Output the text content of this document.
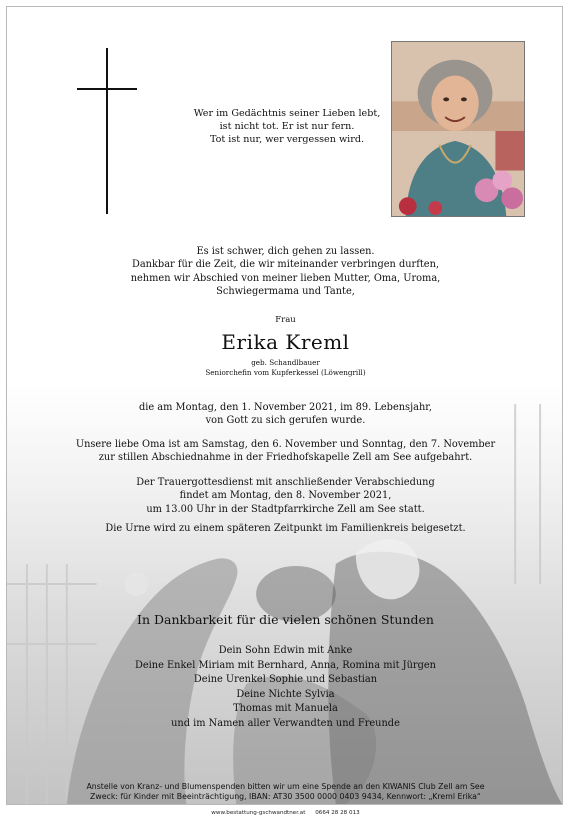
Wer im Gedächtnis seiner Lieben lebt,
ist nicht tot. Er ist nur fern.
Tot ist nur, wer vergessen wird.
Es ist schwer, dich gehen zu lassen.
Dankbar für die Zeit, die wir miteinander verbringen durften,
nehmen wir Abschied von meiner lieben Mutter, Oma, Uroma,
Schwiegermama und Tante,
Frau
Erika Kreml
geb. Schandlbauer
Seniorchefin vom Kupferkessel (Löwengrill)
die am Montag, den 1. November 2021, im 89. Lebensjahr,
von Gott zu sich gerufen wurde.
Unsere liebe Oma ist am Samstag, den 6. November und Sonntag, den 7. November
zur stillen Abschiednahme in der Friedhofskapelle Zell am See aufgebahrt.
Der Trauergottesdienst mit anschließender Verabschiedung
findet am Montag, den 8. November 2021,
um 13.00 Uhr in der Stadtpfarrkirche Zell am See statt.
Die Urne wird zu einem späteren Zeitpunkt im Familienkreis beigesetzt.
In Dankbarkeit für die vielen schönen Stunden
Dein Sohn Edwin mit Anke
Deine Enkel Miriam mit Bernhard, Anna, Romina mit Jürgen
Deine Urenkel Sophie und Sebastian
Deine Nichte Sylvia
Thomas mit Manuela
und im Namen aller Verwandten und Freunde
Anstelle von Kranz- und Blumenspenden bitten wir um eine Spende an den KIWANIS Club Zell am See
Zweck: für Kinder mit Beeinträchtigung, IBAN: AT30 3500 0000 0403 9434, Kennwort: „Kreml Erika“
www.bestattung-gschwandtner.at 0664 28 28 013
